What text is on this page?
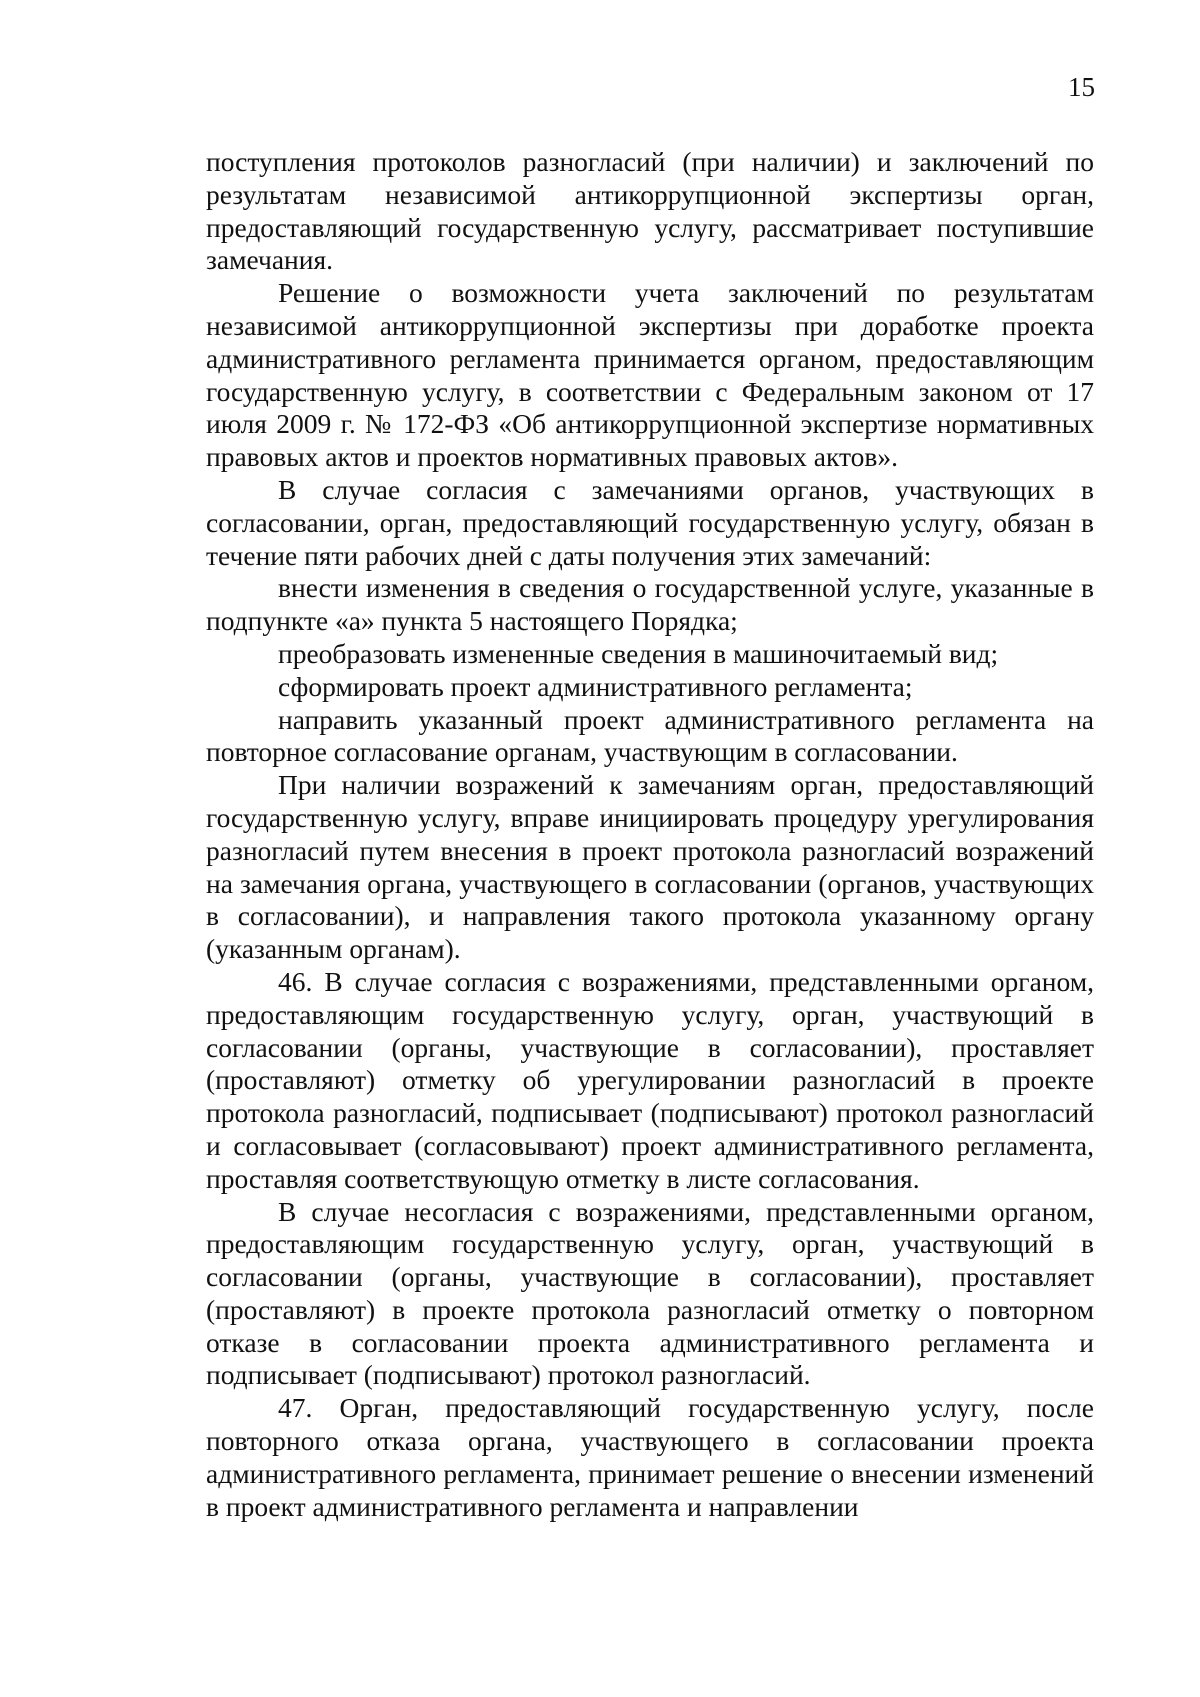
15

поступления протоколов разногласий (при наличии) и заключений по результатам независимой антикоррупционной экспертизы орган, предоставляющий государственную услугу, рассматривает поступившие замечания.

Решение о возможности учета заключений по результатам независимой антикоррупционной экспертизы при доработке проекта административного регламента принимается органом, предоставляющим государственную услугу, в соответствии с Федеральным законом от 17 июля 2009 г. № 172-ФЗ «Об антикоррупционной экспертизе нормативных правовых актов и проектов нормативных правовых актов».

В случае согласия с замечаниями органов, участвующих в согласовании, орган, предоставляющий государственную услугу, обязан в течение пяти рабочих дней с даты получения этих замечаний:

внести изменения в сведения о государственной услуге, указанные в подпункте «а» пункта 5 настоящего Порядка;

преобразовать измененные сведения в машиночитаемый вид;

сформировать проект административного регламента;

направить указанный проект административного регламента на повторное согласование органам, участвующим в согласовании.

При наличии возражений к замечаниям орган, предоставляющий государственную услугу, вправе инициировать процедуру урегулирования разногласий путем внесения в проект протокола разногласий возражений на замечания органа, участвующего в согласовании (органов, участвующих в согласовании), и направления такого протокола указанному органу (указанным органам).

46. В случае согласия с возражениями, представленными органом, предоставляющим государственную услугу, орган, участвующий в согласовании (органы, участвующие в согласовании), проставляет (проставляют) отметку об урегулировании разногласий в проекте протокола разногласий, подписывает (подписывают) протокол разногласий и согласовывает (согласовывают) проект административного регламента, проставляя соответствующую отметку в листе согласования.

В случае несогласия с возражениями, представленными органом, предоставляющим государственную услугу, орган, участвующий в согласовании (органы, участвующие в согласовании), проставляет (проставляют) в проекте протокола разногласий отметку о повторном отказе в согласовании проекта административного регламента и подписывает (подписывают) протокол разногласий.

47. Орган, предоставляющий государственную услугу, после повторного отказа органа, участвующего в согласовании проекта административного регламента, принимает решение о внесении изменений в проект административного регламента и направлении
